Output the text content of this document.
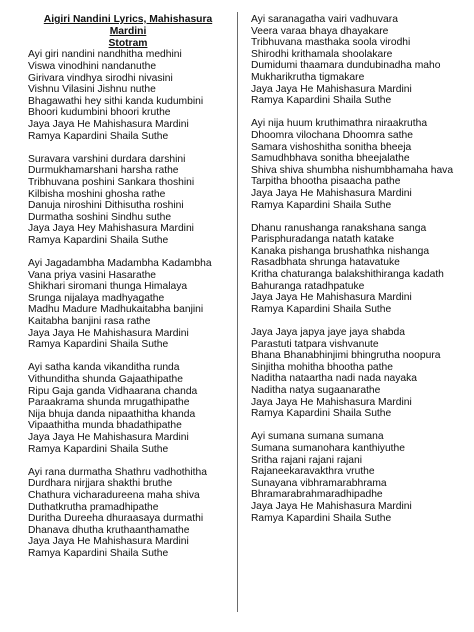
Aigiri Nandini Lyrics, Mahishasura Mardini
Stotram
Ayi giri nandini nandhitha medhini
Viswa vinodhini nandanuthe
Girivara vindhya sirodhi nivasini
Vishnu Vilasini Jishnu nuthe
Bhagawathi hey sithi kanda kudumbini
Bhoori kudumbini bhoori kruthe
Jaya Jaya He Mahishasura Mardini
Ramya Kapardini Shaila Suthe
Suravara varshini durdara darshini
Durmukhamarshani harsha rathe
Tribhuvana poshini Sankara thoshini
Kilbisha moshini ghosha rathe
Danuja niroshini Dithisutha roshini
Durmatha soshini Sindhu suthe
Jaya Jaya Hey Mahishasura Mardini
Ramya Kapardini Shaila Suthe
Ayi Jagadambha Madambha Kadambha
Vana priya vasini Hasarathe
Shikhari siromani thunga Himalaya
Srunga nijalaya madhyagathe
Madhu Madure Madhukaitabha banjini
Kaitabha banjini rasa rathe
Jaya Jaya He Mahishasura Mardini
Ramya Kapardini Shaila Suthe
Ayi satha kanda vikanditha runda
Vithunditha shunda Gajaathipathe
Ripu Gaja ganda Vidhaarana chanda
Paraakrama shunda mrugathipathe
Nija bhuja danda nipaathitha khanda
Vipaathitha munda bhadathipathe
Jaya Jaya He Mahishasura Mardini
Ramya Kapardini Shaila Suthe
Ayi rana durmatha Shathru vadhothitha
Durdhara nirjjara shakthi bruthe
Chathura vicharadureena maha shiva
Duthatkrutha pramadhipathe
Duritha Dureeha dhuraasaya durmathi
Dhanava dhutha kruthaanthamathe
Jaya Jaya He Mahishasura Mardini
Ramya Kapardini Shaila Suthe
Ayi saranagatha vairi vadhuvara
Veera varaa bhaya dhayakare
Tribhuvana masthaka soola virodhi
Shirodhi krithamala shoolakare
Dumidumi thaamara dundubinadha maho
Mukharikrutha tigmakare
Jaya Jaya He Mahishasura Mardini
Ramya Kapardini Shaila Suthe
Ayi nija huum kruthimathra niraakrutha
Dhoomra vilochana Dhoomra sathe
Samara vishoshitha sonitha bheeja
Samudhbhava sonitha bheejalathe
Shiva shiva shumbha nishumbhamaha hava
Tarpitha bhootha pisaacha pathe
Jaya Jaya He Mahishasura Mardini
Ramya Kapardini Shaila Suthe
Dhanu ranushanga ranakshana sanga
Parisphuradanga natath katake
Kanaka pishanga brushathka nishanga
Rasadbhata shrunga hatavatuke
Kritha chaturanga balakshithiranga kadath
Bahuranga ratadhpatuke
Jaya Jaya He Mahishasura Mardini
Ramya Kapardini Shaila Suthe
Jaya Jaya japya jaye jaya shabda
Parastuti tatpara vishvanute
Bhana Bhanabhinjimi bhingrutha noopura
Sinjitha mohitha bhootha pathe
Naditha nataartha nadi nada nayaka
Naditha natya sugaanarathe
Jaya Jaya He Mahishasura Mardini
Ramya Kapardini Shaila Suthe
Ayi sumana sumana sumana
Sumana sumanohara kanthiyuthe
Sritha rajani rajani rajani
Rajaneekaravakthra vruthe
Sunayana vibhramarabhrama
Bhramarabrahmaradhipadhe
Jaya Jaya He Mahishasura Mardini
Ramya Kapardini Shaila Suthe
